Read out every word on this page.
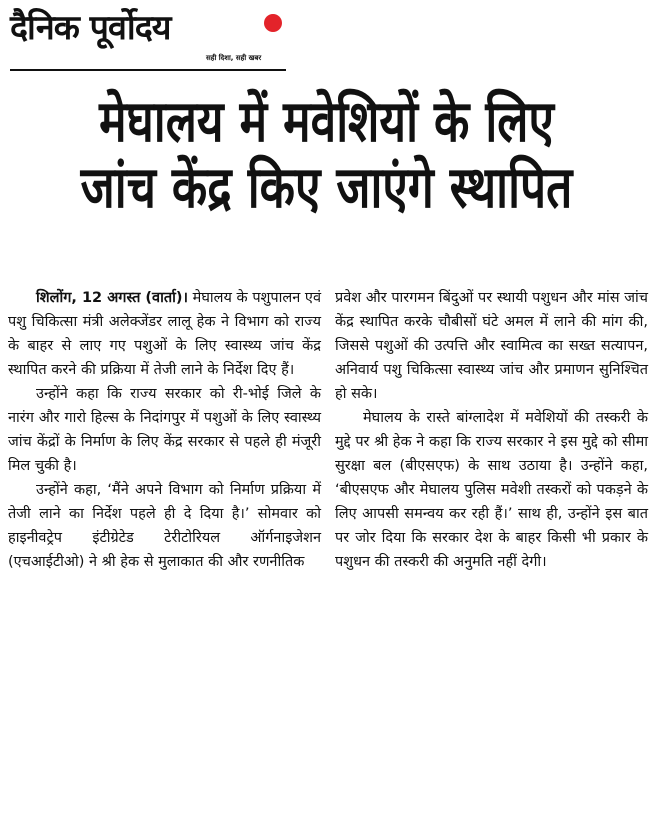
दैनिक पूर्वोदय
सही दिशा, सही खबर
मेघालय में मवेशियों के लिए
जांच केंद्र किए जाएंगे स्थापित

शिलोंग, 12 अगस्त (वार्ता)। मेघालय के पशुपालन एवं पशु चिकित्सा मंत्री अलेक्जेंडर लालू हेक ने विभाग को राज्य के बाहर से लाए गए पशुओं के लिए स्वास्थ्य जांच केंद्र स्थापित करने की प्रक्रिया में तेजी लाने के निर्देश दिए हैं।

उन्होंने कहा कि राज्य सरकार को री-भोई जिले के नारंग और गारो हिल्स के निदांगपुर में पशुओं के लिए स्वास्थ्य जांच केंद्रों के निर्माण के लिए केंद्र सरकार से पहले ही मंजूरी मिल चुकी है।

उन्होंने कहा, ‘मैंने अपने विभाग को निर्माण प्रक्रिया में तेजी लाने का निर्देश पहले ही दे दिया है।’ सोमवार को हाइनीवट्रेप इंटीग्रेटेड टेरीटोरियल ऑर्गनाइजेशन (एचआईटीओ) ने श्री हेक से मुलाकात की और रणनीतिक

प्रवेश और पारगमन बिंदुओं पर स्थायी पशुधन और मांस जांच केंद्र स्थापित करके चौबीसों घंटे अमल में लाने की मांग की, जिससे पशुओं की उत्पत्ति और स्वामित्व का सख्त सत्यापन, अनिवार्य पशु चिकित्सा स्वास्थ्य जांच और प्रमाणन सुनिश्चित हो सके।

मेघालय के रास्ते बांग्लादेश में मवेशियों की तस्करी के मुद्दे पर श्री हेक ने कहा कि राज्य सरकार ने इस मुद्दे को सीमा सुरक्षा बल (बीएसएफ) के साथ उठाया है। उन्होंने कहा, ‘बीएसएफ और मेघालय पुलिस मवेशी तस्करों को पकड़ने के लिए आपसी समन्वय कर रही हैं।’ साथ ही, उन्होंने इस बात पर जोर दिया कि सरकार देश के बाहर किसी भी प्रकार के पशुधन की तस्करी की अनुमति नहीं देगी।
